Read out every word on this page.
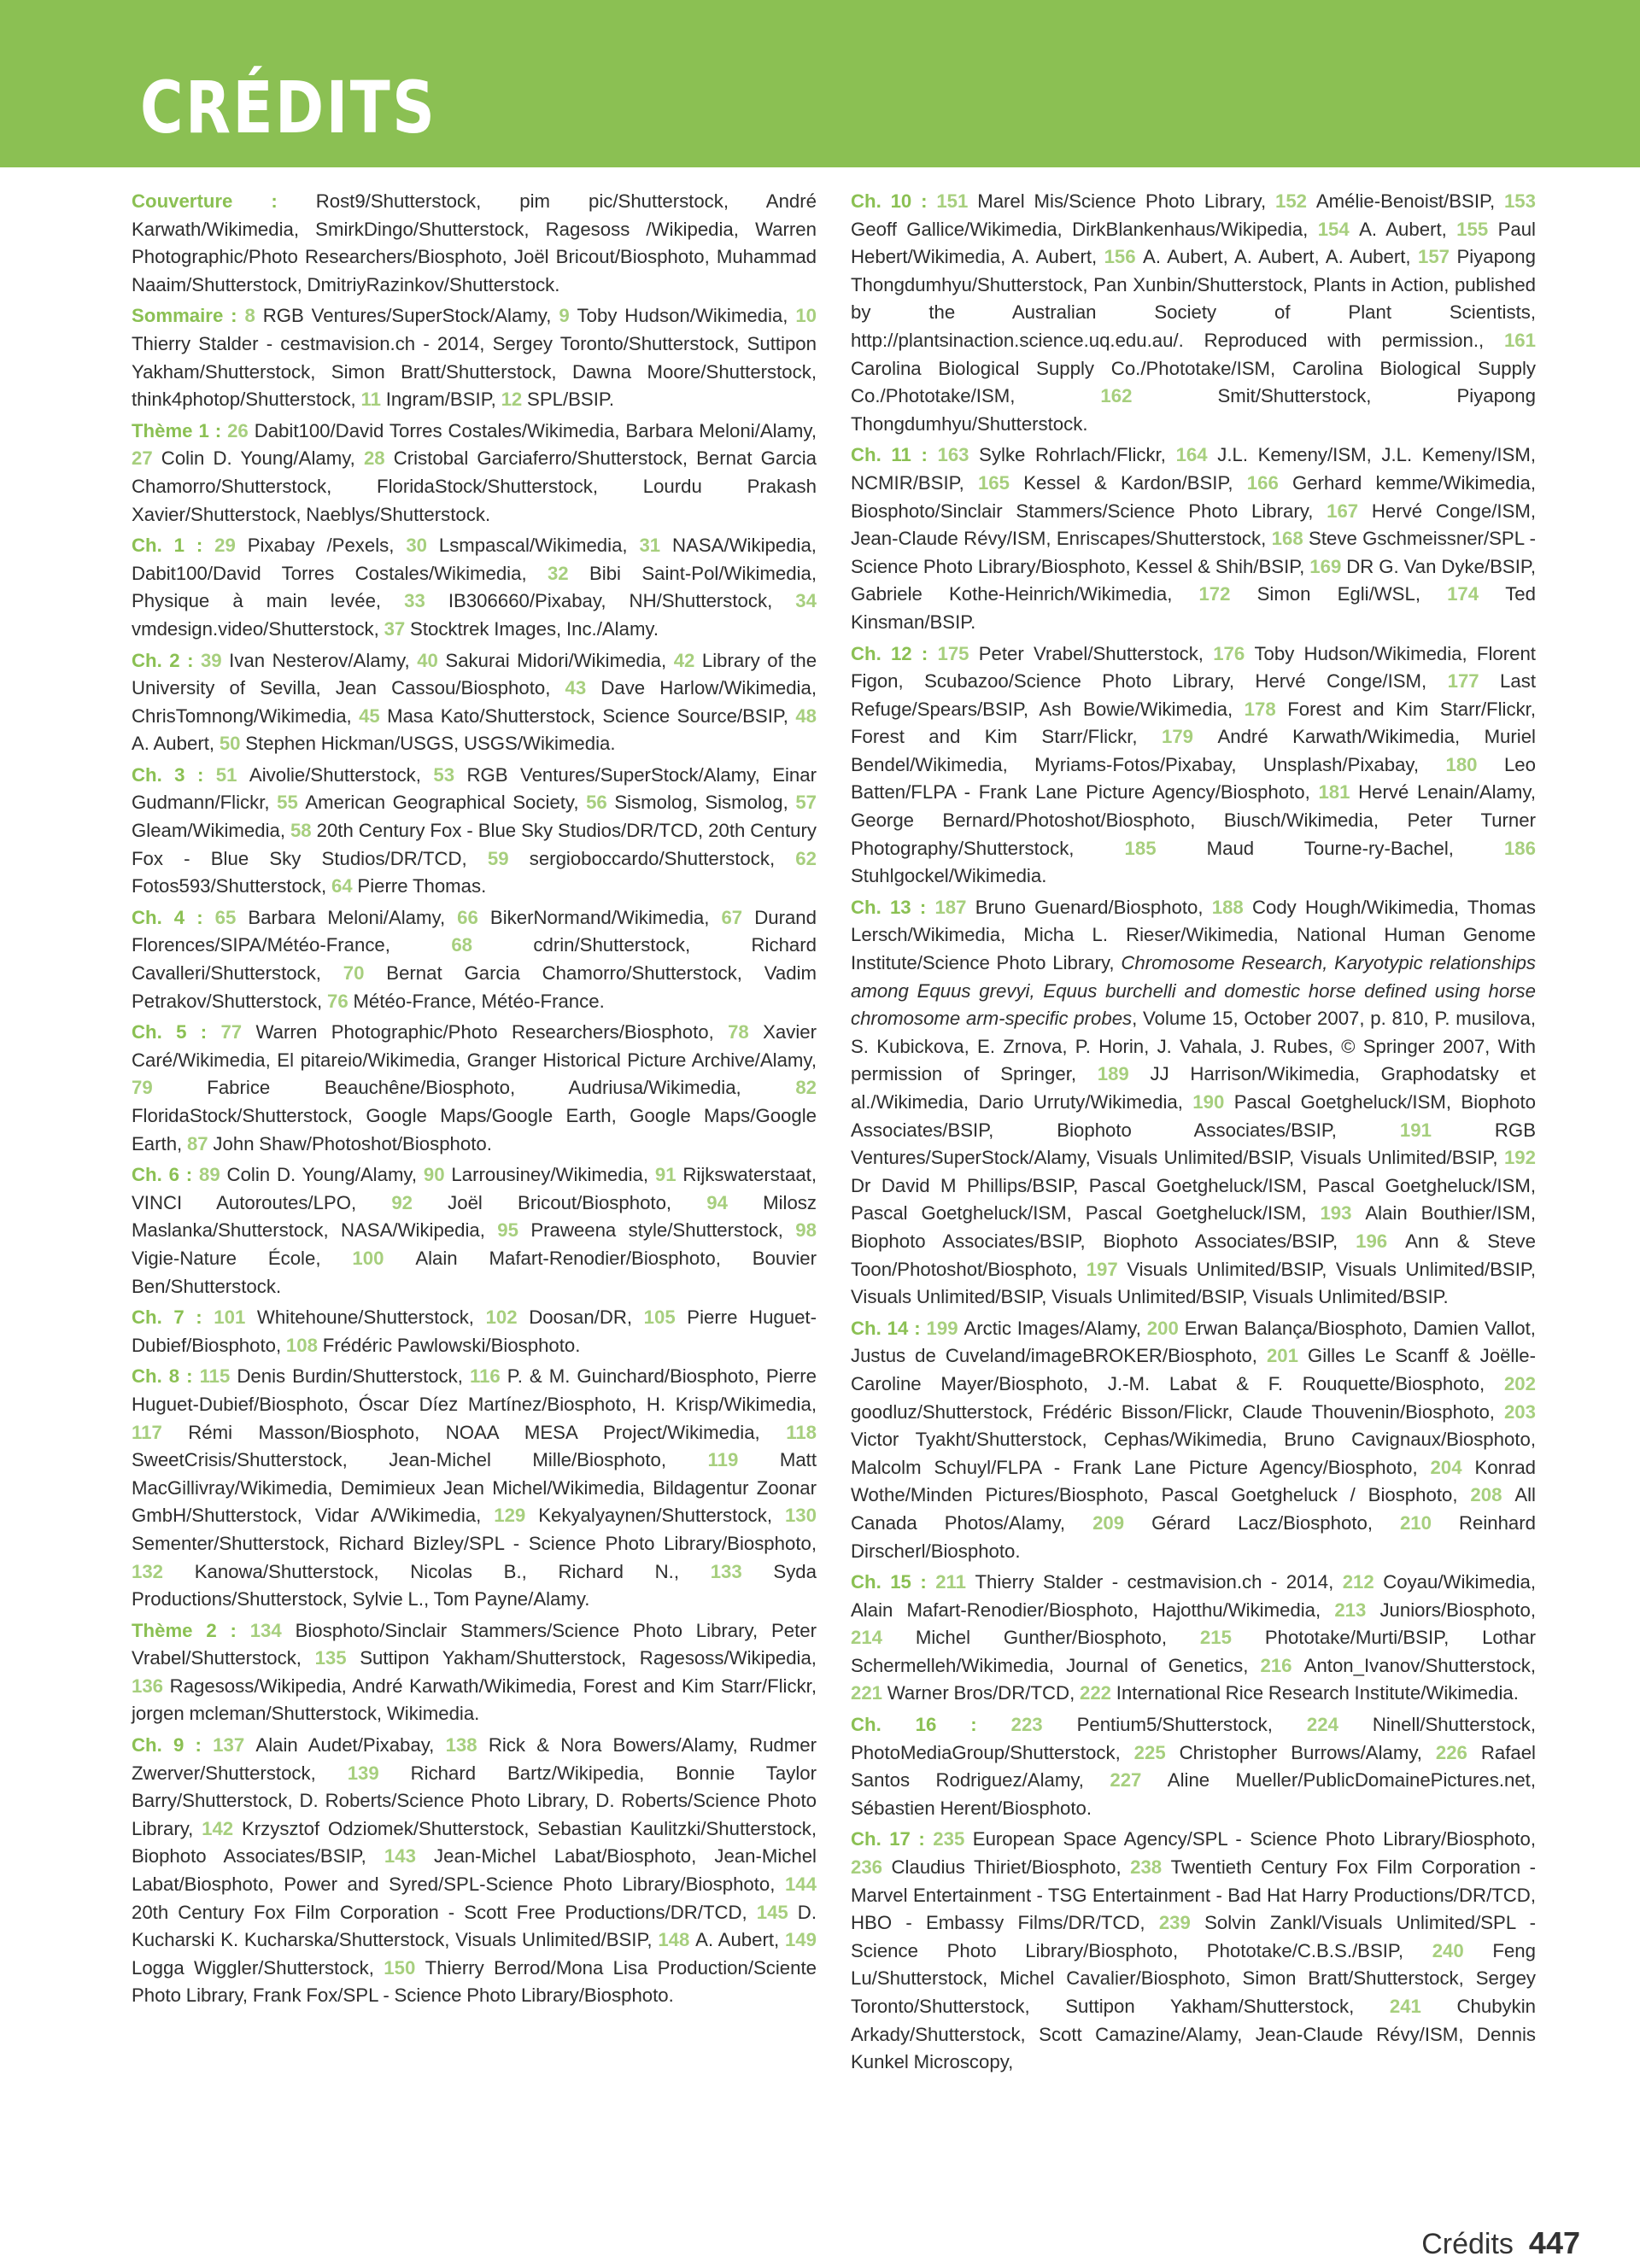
CRÉDITS

Couverture : Rost9/Shutterstock, pim pic/Shutterstock, André Karwath/Wikimedia, SmirkDingo/Shutterstock, Ragesoss /Wikipedia, Warren Photographic/Photo Researchers/Biosphoto, Joël Bricout/Biosphoto, Muhammad Naaim/Shutterstock, DmitriyRazinkov/Shutterstock.

Sommaire : 8 RGB Ventures/SuperStock/Alamy, 9 Toby Hudson/Wikimedia, 10 Thierry Stalder - cestmavision.ch - 2014, Sergey Toronto/Shutterstock, Suttipon Yakham/Shutterstock, Simon Bratt/Shutterstock, Dawna Moore/Shutterstock, think4photop/Shutterstock, 11 Ingram/BSIP, 12 SPL/BSIP.

Thème 1 : 26 Dabit100/David Torres Costales/Wikimedia, Barbara Meloni/Alamy, 27 Colin D. Young/Alamy, 28 Cristobal Garciaferro/Shutterstock, Bernat Garcia Chamorro/Shutterstock, FloridaStock/Shutterstock, Lourdu Prakash Xavier/Shutterstock, Naeblys/Shutterstock.

Ch. 1 : 29 Pixabay /Pexels, 30 Lsmpascal/Wikimedia, 31 NASA/Wikipedia, Dabit100/David Torres Costales/Wikimedia, 32 Bibi Saint-Pol/Wikimedia, Physique à main levée, 33 IB306660/Pixabay, NH/Shutterstock, 34 vmdesign.video/Shutterstock, 37 Stocktrek Images, Inc./Alamy.

Ch. 2 : 39 Ivan Nesterov/Alamy, 40 Sakurai Midori/Wikimedia, 42 Library of the University of Sevilla, Jean Cassou/Biosphoto, 43 Dave Harlow/Wikimedia, ChrisTomnong/Wikimedia, 45 Masa Kato/Shutterstock, Science Source/BSIP, 48 A. Aubert, 50 Stephen Hickman/USGS, USGS/Wikimedia.

Ch. 3 : 51 Aivolie/Shutterstock, 53 RGB Ventures/SuperStock/Alamy, Einar Gudmann/Flickr, 55 American Geographical Society, 56 Sismolog, Sismolog, 57 Gleam/Wikimedia, 58 20th Century Fox - Blue Sky Studios/DR/TCD, 20th Century Fox - Blue Sky Studios/DR/TCD, 59 sergioboccardo/Shutterstock, 62 Fotos593/Shutterstock, 64 Pierre Thomas.

Ch. 4 : 65 Barbara Meloni/Alamy, 66 BikerNormand/Wikimedia, 67 Durand Florences/SIPA/Météo-France, 68 cdrin/Shutterstock, Richard Cavalleri/Shutterstock, 70 Bernat Garcia Chamorro/Shutterstock, Vadim Petrakov/Shutterstock, 76 Météo-France, Météo-France.

Ch. 5 : 77 Warren Photographic/Photo Researchers/Biosphoto, 78 Xavier Caré/Wikimedia, El pitareio/Wikimedia, Granger Historical Picture Archive/Alamy, 79 Fabrice Beauchêne/Biosphoto, Audriusa/Wikimedia, 82 FloridaStock/Shutterstock, Google Maps/Google Earth, Google Maps/Google Earth, 87 John Shaw/Photoshot/Biosphoto.

Ch. 6 : 89 Colin D. Young/Alamy, 90 Larrousiney/Wikimedia, 91 Rijkswaterstaat, VINCI Autoroutes/LPO, 92 Joël Bricout/Biosphoto, 94 Milosz Maslanka/Shutterstock, NASA/Wikipedia, 95 Praweena style/Shutterstock, 98 Vigie-Nature École, 100 Alain Mafart-Renodier/Biosphoto, Bouvier Ben/Shutterstock.

Ch. 7 : 101 Whitehoune/Shutterstock, 102 Doosan/DR, 105 Pierre Huguet-Dubief/Biosphoto, 108 Frédéric Pawlowski/Biosphoto.

Ch. 8 : 115 Denis Burdin/Shutterstock, 116 P. & M. Guinchard/Biosphoto, Pierre Huguet-Dubief/Biosphoto, Óscar Díez Martínez/Biosphoto, H. Krisp/Wikimedia, 117 Rémi Masson/Biosphoto, NOAA MESA Project/Wikimedia, 118 SweetCrisis/Shutterstock, Jean-Michel Mille/Biosphoto, 119 Matt MacGillivray/Wikimedia, Demimieux Jean Michel/Wikimedia, Bildagentur Zoonar GmbH/Shutterstock, Vidar A/Wikimedia, 129 Kekyalyaynen/Shutterstock, 130 Sementer/Shutterstock, Richard Bizley/SPL - Science Photo Library/Biosphoto, 132 Kanowa/Shutterstock, Nicolas B., Richard N., 133 Syda Productions/Shutterstock, Sylvie L., Tom Payne/Alamy.

Thème 2 : 134 Biosphoto/Sinclair Stammers/Science Photo Library, Peter Vrabel/Shutterstock, 135 Suttipon Yakham/Shutterstock, Ragesoss/Wikipedia, 136 Ragesoss/Wikipedia, André Karwath/Wikimedia, Forest and Kim Starr/Flickr, jorgen mcleman/Shutterstock, Wikimedia.

Ch. 9 : 137 Alain Audet/Pixabay, 138 Rick & Nora Bowers/Alamy, Rudmer Zwerver/Shutterstock, 139 Richard Bartz/Wikipedia, Bonnie Taylor Barry/Shutterstock, D. Roberts/Science Photo Library, D. Roberts/Science Photo Library, 142 Krzysztof Odziomek/Shutterstock, Sebastian Kaulitzki/Shutterstock, Biophoto Associates/BSIP, 143 Jean-Michel Labat/Biosphoto, Jean-Michel Labat/Biosphoto, Power and Syred/SPL-Science Photo Library/Biosphoto, 144 20th Century Fox Film Corporation - Scott Free Productions/DR/TCD, 145 D. Kucharski K. Kucharska/Shutterstock, Visuals Unlimited/BSIP, 148 A. Aubert, 149 Logga Wiggler/Shutterstock, 150 Thierry Berrod/Mona Lisa Production/Sciente Photo Library, Frank Fox/SPL - Science Photo Library/Biosphoto.

Ch. 10 : 151 Marel Mis/Science Photo Library, 152 Amélie-Benoist/BSIP, 153 Geoff Gallice/Wikimedia, DirkBlankenhaus/Wikipedia, 154 A. Aubert, 155 Paul Hebert/Wikimedia, A. Aubert, 156 A. Aubert, A. Aubert, A. Aubert, 157 Piyapong Thongdumhyu/Shutterstock, Pan Xunbin/Shutterstock, Plants in Action, published by the Australian Society of Plant Scientists, http://plantsinaction.science.uq.edu.au/. Reproduced with permission., 161 Carolina Biological Supply Co./Phototake/ISM, Carolina Biological Supply Co./Phototake/ISM, 162 Smit/Shutterstock, Piyapong Thongdumhyu/Shutterstock.

Ch. 11 : 163 Sylke Rohrlach/Flickr, 164 J.L. Kemeny/ISM, J.L. Kemeny/ISM, NCMIR/BSIP, 165 Kessel & Kardon/BSIP, 166 Gerhard kemme/Wikimedia, Biosphoto/Sinclair Stammers/Science Photo Library, 167 Hervé Conge/ISM, Jean-Claude Révy/ISM, Enriscapes/Shutterstock, 168 Steve Gschmeissner/SPL - Science Photo Library/Biosphoto, Kessel & Shih/BSIP, 169 DR G. Van Dyke/BSIP, Gabriele Kothe-Heinrich/Wikimedia, 172 Simon Egli/WSL, 174 Ted Kinsman/BSIP.

Ch. 12 : 175 Peter Vrabel/Shutterstock, 176 Toby Hudson/Wikimedia, Florent Figon, Scubazoo/Science Photo Library, Hervé Conge/ISM, 177 Last Refuge/Spears/BSIP, Ash Bowie/Wikimedia, 178 Forest and Kim Starr/Flickr, Forest and Kim Starr/Flickr, 179 André Karwath/Wikimedia, Muriel Bendel/Wikimedia, Myriams-Fotos/Pixabay, Unsplash/Pixabay, 180 Leo Batten/FLPA - Frank Lane Picture Agency/Biosphoto, 181 Hervé Lenain/Alamy, George Bernard/Photoshot/Biosphoto, Biusch/Wikimedia, Peter Turner Photography/Shutterstock, 185 Maud Tourne-ry-Bachel, 186 Stuhlgockel/Wikimedia.

Ch. 13 : 187 Bruno Guenard/Biosphoto, 188 Cody Hough/Wikimedia, Thomas Lersch/Wikimedia, Micha L. Rieser/Wikimedia, National Human Genome Institute/Science Photo Library, Chromosome Research, Karyotypic relationships among Equus grevyi, Equus burchelli and domestic horse defined using horse chromosome arm-specific probes, Volume 15, October 2007, p. 810, P. musilova, S. Kubickova, E. Zrnova, P. Horin, J. Vahala, J. Rubes, © Springer 2007, With permission of Springer, 189 JJ Harrison/Wikimedia, Graphodatsky et al./Wikimedia, Dario Urruty/Wikimedia, 190 Pascal Goetgheluck/ISM, Biophoto Associates/BSIP, Biophoto Associates/BSIP, 191 RGB Ventures/SuperStock/Alamy, Visuals Unlimited/BSIP, Visuals Unlimited/BSIP, 192 Dr David M Phillips/BSIP, Pascal Goetgheluck/ISM, Pascal Goetgheluck/ISM, Pascal Goetgheluck/ISM, Pascal Goetgheluck/ISM, 193 Alain Bouthier/ISM, Biophoto Associates/BSIP, Biophoto Associates/BSIP, 196 Ann & Steve Toon/Photoshot/Biosphoto, 197 Visuals Unlimited/BSIP, Visuals Unlimited/BSIP, Visuals Unlimited/BSIP, Visuals Unlimited/BSIP, Visuals Unlimited/BSIP.

Ch. 14 : 199 Arctic Images/Alamy, 200 Erwan Balança/Biosphoto, Damien Vallot, Justus de Cuveland/imageBROKER/Biosphoto, 201 Gilles Le Scanff & Joëlle-Caroline Mayer/Biosphoto, J.-M. Labat & F. Rouquette/Biosphoto, 202 goodluz/Shutterstock, Frédéric Bisson/Flickr, Claude Thouvenin/Biosphoto, 203 Victor Tyakht/Shutterstock, Cephas/Wikimedia, Bruno Cavignaux/Biosphoto, Malcolm Schuyl/FLPA - Frank Lane Picture Agency/Biosphoto, 204 Konrad Wothe/Minden Pictures/Biosphoto, Pascal Goetgheluck / Biosphoto, 208 All Canada Photos/Alamy, 209 Gérard Lacz/Biosphoto, 210 Reinhard Dirscherl/Biosphoto.

Ch. 15 : 211 Thierry Stalder - cestmavision.ch - 2014, 212 Coyau/Wikimedia, Alain Mafart-Renodier/Biosphoto, Hajotthu/Wikimedia, 213 Juniors/Biosphoto, 214 Michel Gunther/Biosphoto, 215 Phototake/Murti/BSIP, Lothar Schermelleh/Wikimedia, Journal of Genetics, 216 Anton_Ivanov/Shutterstock, 221 Warner Bros/DR/TCD, 222 International Rice Research Institute/Wikimedia.

Ch. 16 : 223 Pentium5/Shutterstock, 224 Ninell/Shutterstock, PhotoMediaGroup/Shutterstock, 225 Christopher Burrows/Alamy, 226 Rafael Santos Rodriguez/Alamy, 227 Aline Mueller/PublicDomainePictures.net, Sébastien Herent/Biosphoto.

Ch. 17 : 235 European Space Agency/SPL - Science Photo Library/Biosphoto, 236 Claudius Thiriet/Biosphoto, 238 Twentieth Century Fox Film Corporation - Marvel Entertainment - TSG Entertainment - Bad Hat Harry Productions/DR/TCD, HBO - Embassy Films/DR/TCD, 239 Solvin Zankl/Visuals Unlimited/SPL - Science Photo Library/Biosphoto, Phototake/C.B.S./BSIP, 240 Feng Lu/Shutterstock, Michel Cavalier/Biosphoto, Simon Bratt/Shutterstock, Sergey Toronto/Shutterstock, Suttipon Yakham/Shutterstock, 241 Chubykin Arkady/Shutterstock, Scott Camazine/Alamy, Jean-Claude Révy/ISM, Dennis Kunkel Microscopy,

Crédits 447
